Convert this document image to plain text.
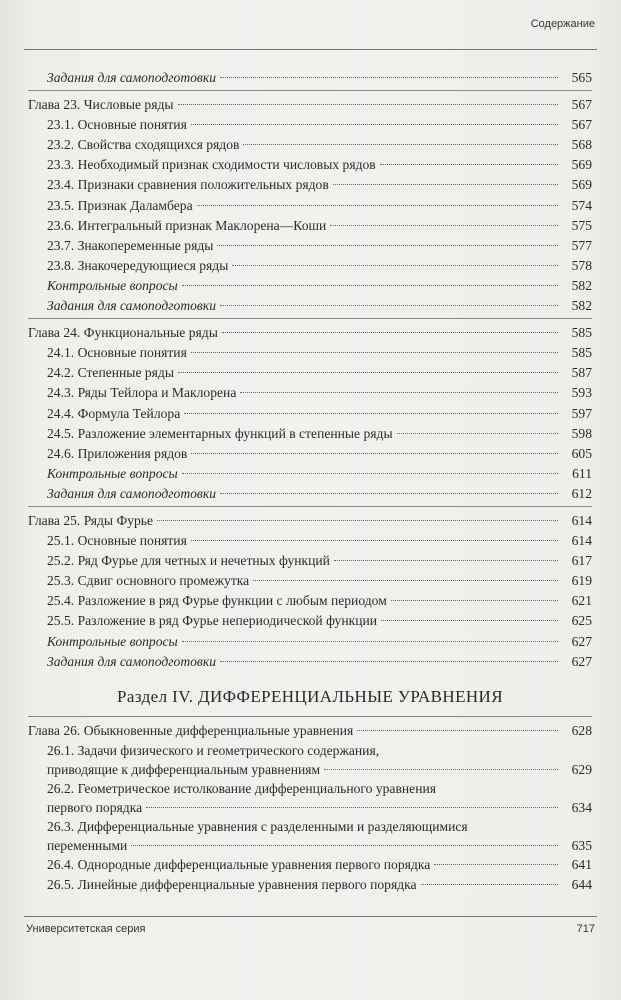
Содержание
Задания для самоподготовки	565
Глава 23. Числовые ряды	567
23.1. Основные понятия	567
23.2. Свойства сходящихся рядов	568
23.3. Необходимый признак сходимости числовых рядов	569
23.4. Признаки сравнения положительных рядов	569
23.5. Признак Даламбера	574
23.6. Интегральный признак Маклорена—Коши	575
23.7. Знакопеременные ряды	577
23.8. Знакочередующиеся ряды	578
Контрольные вопросы	582
Задания для самоподготовки	582
Глава 24. Функциональные ряды	585
24.1. Основные понятия	585
24.2. Степенные ряды	587
24.3. Ряды Тейлора и Маклорена	593
24.4. Формула Тейлора	597
24.5. Разложение элементарных функций в степенные ряды	598
24.6. Приложения рядов	605
Контрольные вопросы	611
Задания для самоподготовки	612
Глава 25. Ряды Фурье	614
25.1. Основные понятия	614
25.2. Ряд Фурье для четных и нечетных функций	617
25.3. Сдвиг основного промежутка	619
25.4. Разложение в ряд Фурье функции с любым периодом	621
25.5. Разложение в ряд Фурье непериодической функции	625
Контрольные вопросы	627
Задания для самоподготовки	627
Раздел IV. ДИФФЕРЕНЦИАЛЬНЫЕ УРАВНЕНИЯ
Глава 26. Обыкновенные дифференциальные уравнения	628
26.1. Задачи физического и геометрического содержания,
приводящие к дифференциальным уравнениям	629
26.2. Геометрическое истолкование дифференциального уравнения
первого порядка	634
26.3. Дифференциальные уравнения с разделенными и разделяющимися
переменными	635
26.4. Однородные дифференциальные уравнения первого порядка	641
26.5. Линейные дифференциальные уравнения первого порядка	644
Университетская серия	717
